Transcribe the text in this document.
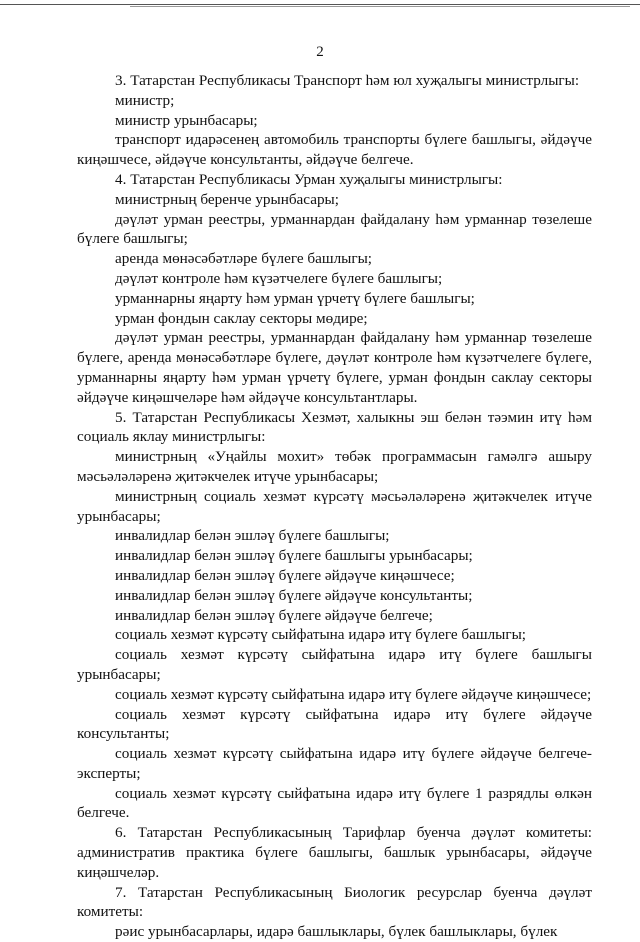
2

3. Татарстан Республикасы Транспорт һәм юл хуҗалыгы министрлыгы:

министр;

министр урынбасары;

транспорт идарәсенең автомобиль транспорты бүлеге башлыгы, әйдәүче киңәшчесе, әйдәүче консультанты, әйдәүче белгече.

4. Татарстан Республикасы Урман хуҗалыгы министрлыгы:

министрның беренче урынбасары;

дәүләт урман реестры, урманнардан файдалану һәм урманнар төзелеше бүлеге башлыгы;

аренда мөнәсәбәтләре бүлеге башлыгы;

дәүләт контроле һәм күзәтчелеге бүлеге башлыгы;

урманнарны яңарту һәм урман үрчетү бүлеге башлыгы;

урман фондын саклау секторы мөдире;

дәүләт урман реестры, урманнардан файдалану һәм урманнар төзелеше бүлеге, аренда мөнәсәбәтләре бүлеге, дәүләт контроле һәм күзәтчелеге бүлеге, урманнарны яңарту һәм урман үрчетү бүлеге, урман фондын саклау секторы әйдәүче киңәшчеләре һәм әйдәүче консультантлары.

5. Татарстан Республикасы Хезмәт, халыкны эш белән тәэмин итү һәм социаль яклау министрлыгы:

министрның «Уңайлы мохит» төбәк программасын гамәлгә ашыру мәсьәләләренә җитәкчелек итүче урынбасары;

министрның социаль хезмәт күрсәтү мәсьәләләренә җитәкчелек итүче урынбасары;

инвалидлар белән эшләү бүлеге башлыгы;

инвалидлар белән эшләү бүлеге башлыгы урынбасары;

инвалидлар белән эшләү бүлеге әйдәүче киңәшчесе;

инвалидлар белән эшләү бүлеге әйдәүче консультанты;

инвалидлар белән эшләү бүлеге әйдәүче белгече;

социаль хезмәт күрсәтү сыйфатына идарә итү бүлеге башлыгы;

социаль хезмәт күрсәтү сыйфатына идарә итү бүлеге башлыгы урынбасары;

социаль хезмәт күрсәтү сыйфатына идарә итү бүлеге әйдәүче киңәшчесе;

социаль хезмәт күрсәтү сыйфатына идарә итү бүлеге әйдәүче консультанты;

социаль хезмәт күрсәтү сыйфатына идарә итү бүлеге әйдәүче белгече-эксперты;

социаль хезмәт күрсәтү сыйфатына идарә итү бүлеге 1 разрядлы өлкән белгече.

6. Татарстан Республикасының Тарифлар буенча дәүләт комитеты: административ практика бүлеге башлыгы, башлык урынбасары, әйдәүче киңәшчеләр.

7. Татарстан Республикасының Биологик ресурслар буенча дәүләт комитеты:

рәис урынбасарлары, идарә башлыклары, бүлек башлыклары, бүлек
